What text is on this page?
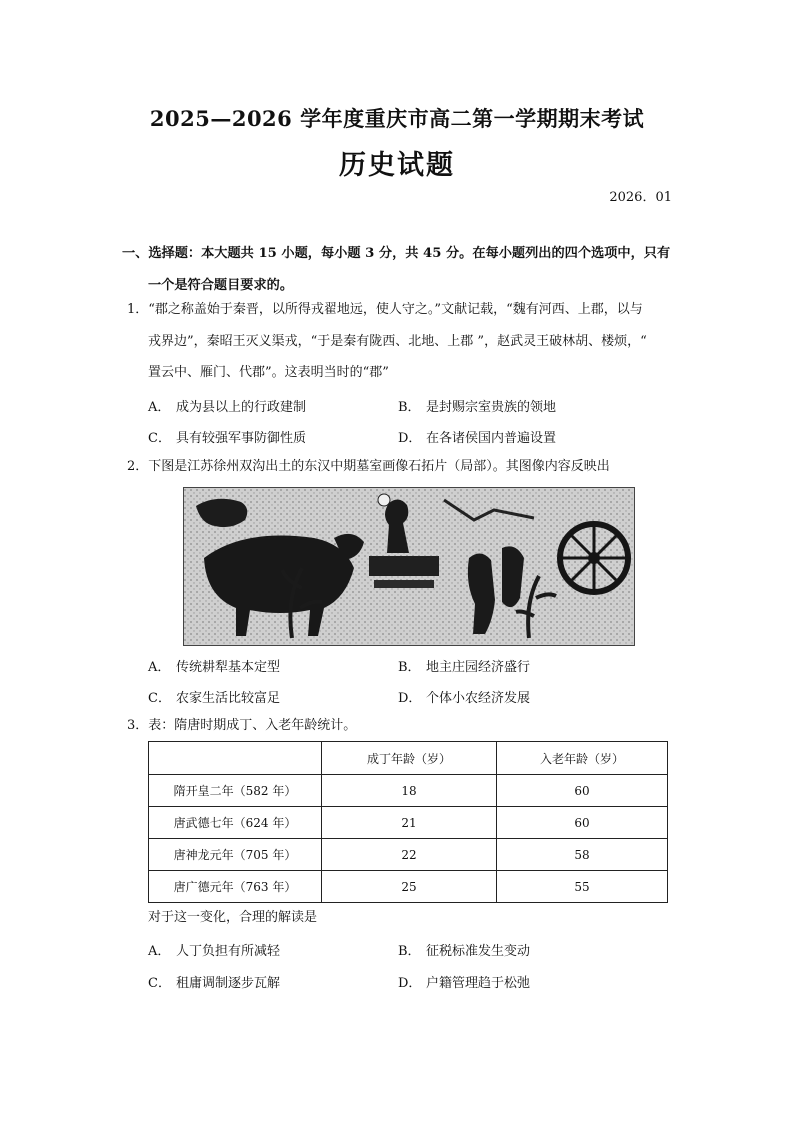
2025—2026 学年度重庆市高二第一学期期末考试
历史试题
2026．01
一、选择题：本大题共 15 小题，每小题 3 分，共 45 分。在每小题列出的四个选项中，只有一个是符合题目要求的。
1．“郡之称盖始于秦晋，以所得戎翟地远，使人守之。”文献记载，“魏有河西、上郡，以与
戎界边”，秦昭王灭义渠戎，“于是秦有陇西、北地、上郡 ”，赵武灵王破林胡、楼烦，“
置云中、雁门、代郡”。这表明当时的“郡”
A． 成为县以上的行政建制	B． 是封赐宗室贵族的领地
C． 具有较强军事防御性质	D． 在各诸侯国内普遍设置
2．下图是江苏徐州双沟出土的东汉中期墓室画像石拓片（局部）。其图像内容反映出
A． 传统耕犁基本定型	B． 地主庄园经济盛行
C． 农家生活比较富足	D． 个体小农经济发展
3．表：隋唐时期成丁、入老年龄统计。
	成丁年龄（岁）	入老年龄（岁）
隋开皇二年（582 年）	18	60
唐武德七年（624 年）	21	60
唐神龙元年（705 年）	22	58
唐广德元年（763 年）	25	55
对于这一变化，合理的解读是
A． 人丁负担有所减轻	B． 征税标准发生变动
C． 租庸调制逐步瓦解	D． 户籍管理趋于松弛
